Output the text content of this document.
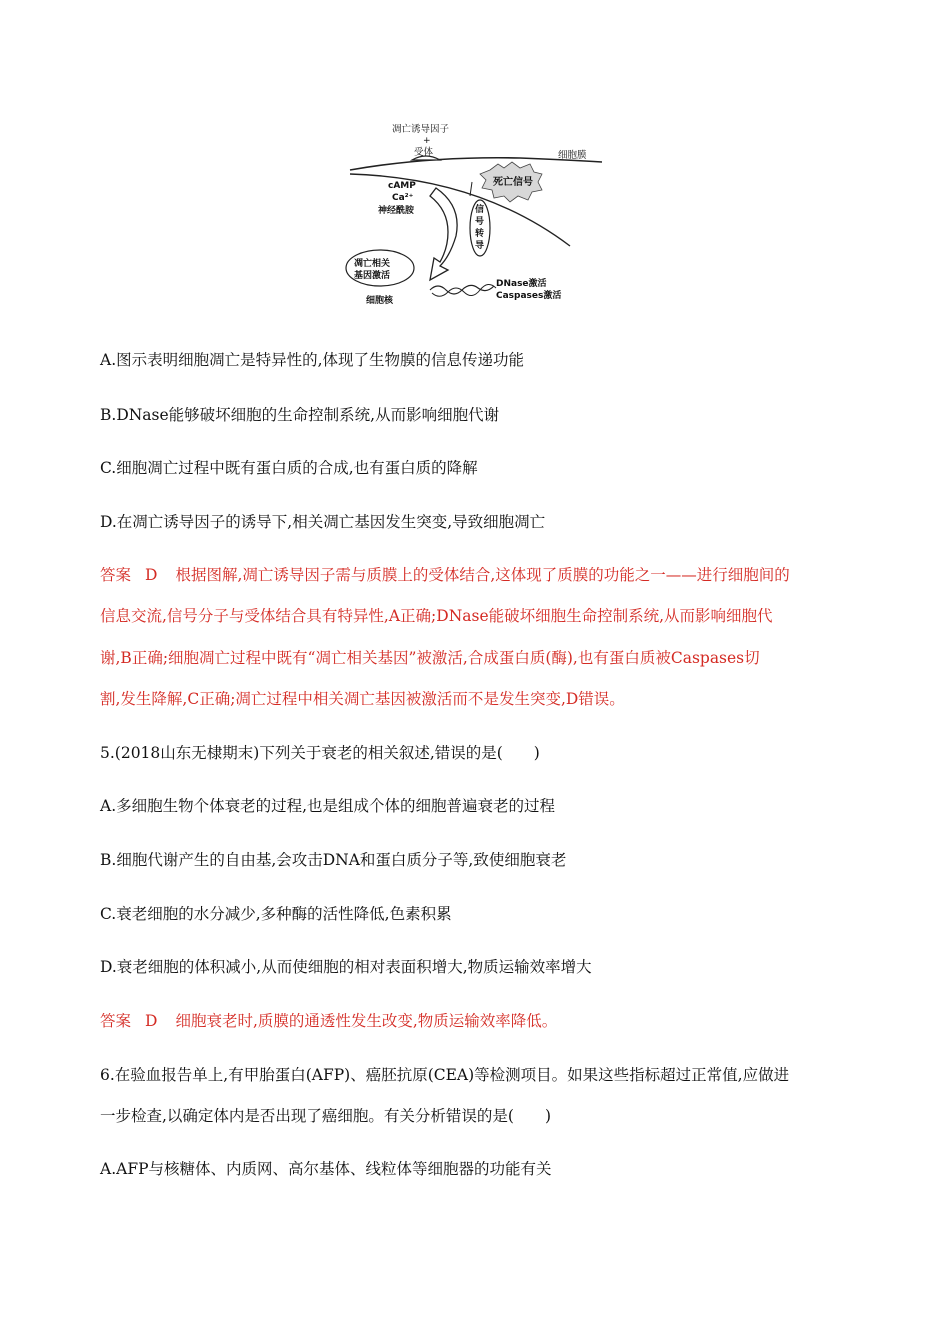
凋亡诱导因子
+
受体	细胞膜
死亡信号
cAMP
Ca²⁺
神经酰胺	信
号
转
导
凋亡相关
基因激活
细胞核
DNase激活
Caspases激活
A.图示表明细胞凋亡是特异性的,体现了生物膜的信息传递功能
B.DNase能够破坏细胞的生命控制系统,从而影响细胞代谢
C.细胞凋亡过程中既有蛋白质的合成,也有蛋白质的降解
D.在凋亡诱导因子的诱导下,相关凋亡基因发生突变,导致细胞凋亡
答案 D 根据图解,凋亡诱导因子需与质膜上的受体结合,这体现了质膜的功能之一——进行细胞间的
信息交流,信号分子与受体结合具有特异性,A正确;DNase能破坏细胞生命控制系统,从而影响细胞代
谢,B正确;细胞凋亡过程中既有“凋亡相关基因”被激活,合成蛋白质(酶),也有蛋白质被Caspases切
割,发生降解,C正确;凋亡过程中相关凋亡基因被激活而不是发生突变,D错误。
5.(2018山东无棣期末)下列关于衰老的相关叙述,错误的是(　　)
A.多细胞生物个体衰老的过程,也是组成个体的细胞普遍衰老的过程
B.细胞代谢产生的自由基,会攻击DNA和蛋白质分子等,致使细胞衰老
C.衰老细胞的水分减少,多种酶的活性降低,色素积累
D.衰老细胞的体积减小,从而使细胞的相对表面积增大,物质运输效率增大
答案 D 细胞衰老时,质膜的通透性发生改变,物质运输效率降低。
6.在验血报告单上,有甲胎蛋白(AFP)、癌胚抗原(CEA)等检测项目。如果这些指标超过正常值,应做进
一步检查,以确定体内是否出现了癌细胞。有关分析错误的是(　　)
A.AFP与核糖体、内质网、高尔基体、线粒体等细胞器的功能有关
